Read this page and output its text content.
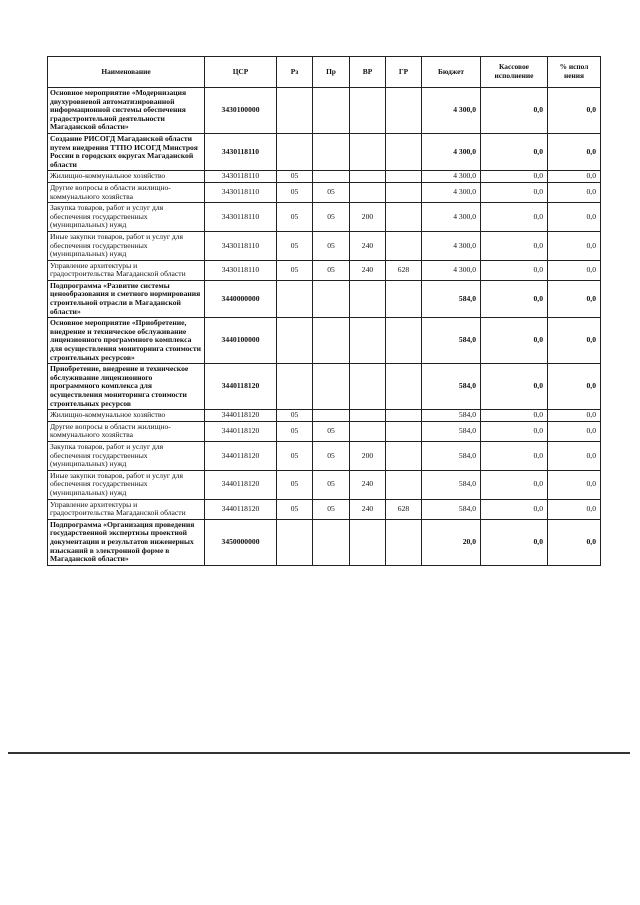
Наименование	ЦСР	Рз	Пр	ВР	ГР	Бюджет	Кассовое исполнение	% испол нения
Основное мероприятие «Модернизация двухуровневой автоматизированной информационной системы обеспечения градостроительной деятельности Магаданской области»	3430100000					4 300,0	0,0	0,0
Создание РИСОГД Магаданской области путем внедрения ТТПО ИСОГД Минстроя России в городских округах Магаданской области	3430118110					4 300,0	0,0	0,0
Жилищно-коммунальное хозяйство	3430118110	05				4 300,0	0,0	0,0
Другие вопросы в области жилищно-коммунального хозяйства	3430118110	05	05			4 300,0	0,0	0,0
Закупка товаров, работ и услуг для обеспечения государственных (муниципальных) нужд	3430118110	05	05	200		4 300,0	0,0	0,0
Иные закупки товаров, работ и услуг для обеспечения государственных (муниципальных) нужд	3430118110	05	05	240		4 300,0	0,0	0,0
Управление архитектуры и градостроительства Магаданской области	3430118110	05	05	240	628	4 300,0	0,0	0,0
Подпрограмма «Развитие системы ценообразования и сметного нормирования строительной отрасли в Магаданской области»	3440000000					584,0	0,0	0,0
Основное мероприятие «Приобретение, внедрение и техническое обслуживание лицензионного программного комплекса для осуществления мониторинга стоимости строительных ресурсов»	3440100000					584,0	0,0	0,0
Приобретение, внедрение и техническое обслуживание лицензионного программного комплекса для осуществления мониторинга стоимости строительных ресурсов	3440118120					584,0	0,0	0,0
Жилищно-коммунальное хозяйство	3440118120	05				584,0	0,0	0,0
Другие вопросы в области жилищно-коммунального хозяйства	3440118120	05	05			584,0	0,0	0,0
Закупка товаров, работ и услуг для обеспечения государственных (муниципальных) нужд	3440118120	05	05	200		584,0	0,0	0,0
Иные закупки товаров, работ и услуг для обеспечения государственных (муниципальных) нужд	3440118120	05	05	240		584,0	0,0	0,0
Управление архитектуры и градостроительства Магаданской области	3440118120	05	05	240	628	584,0	0,0	0,0
Подпрограмма «Организация проведения государственной экспертизы проектной документации и результатов инженерных изысканий в электронной форме в Магаданской области»	3450000000					20,0	0,0	0,0
